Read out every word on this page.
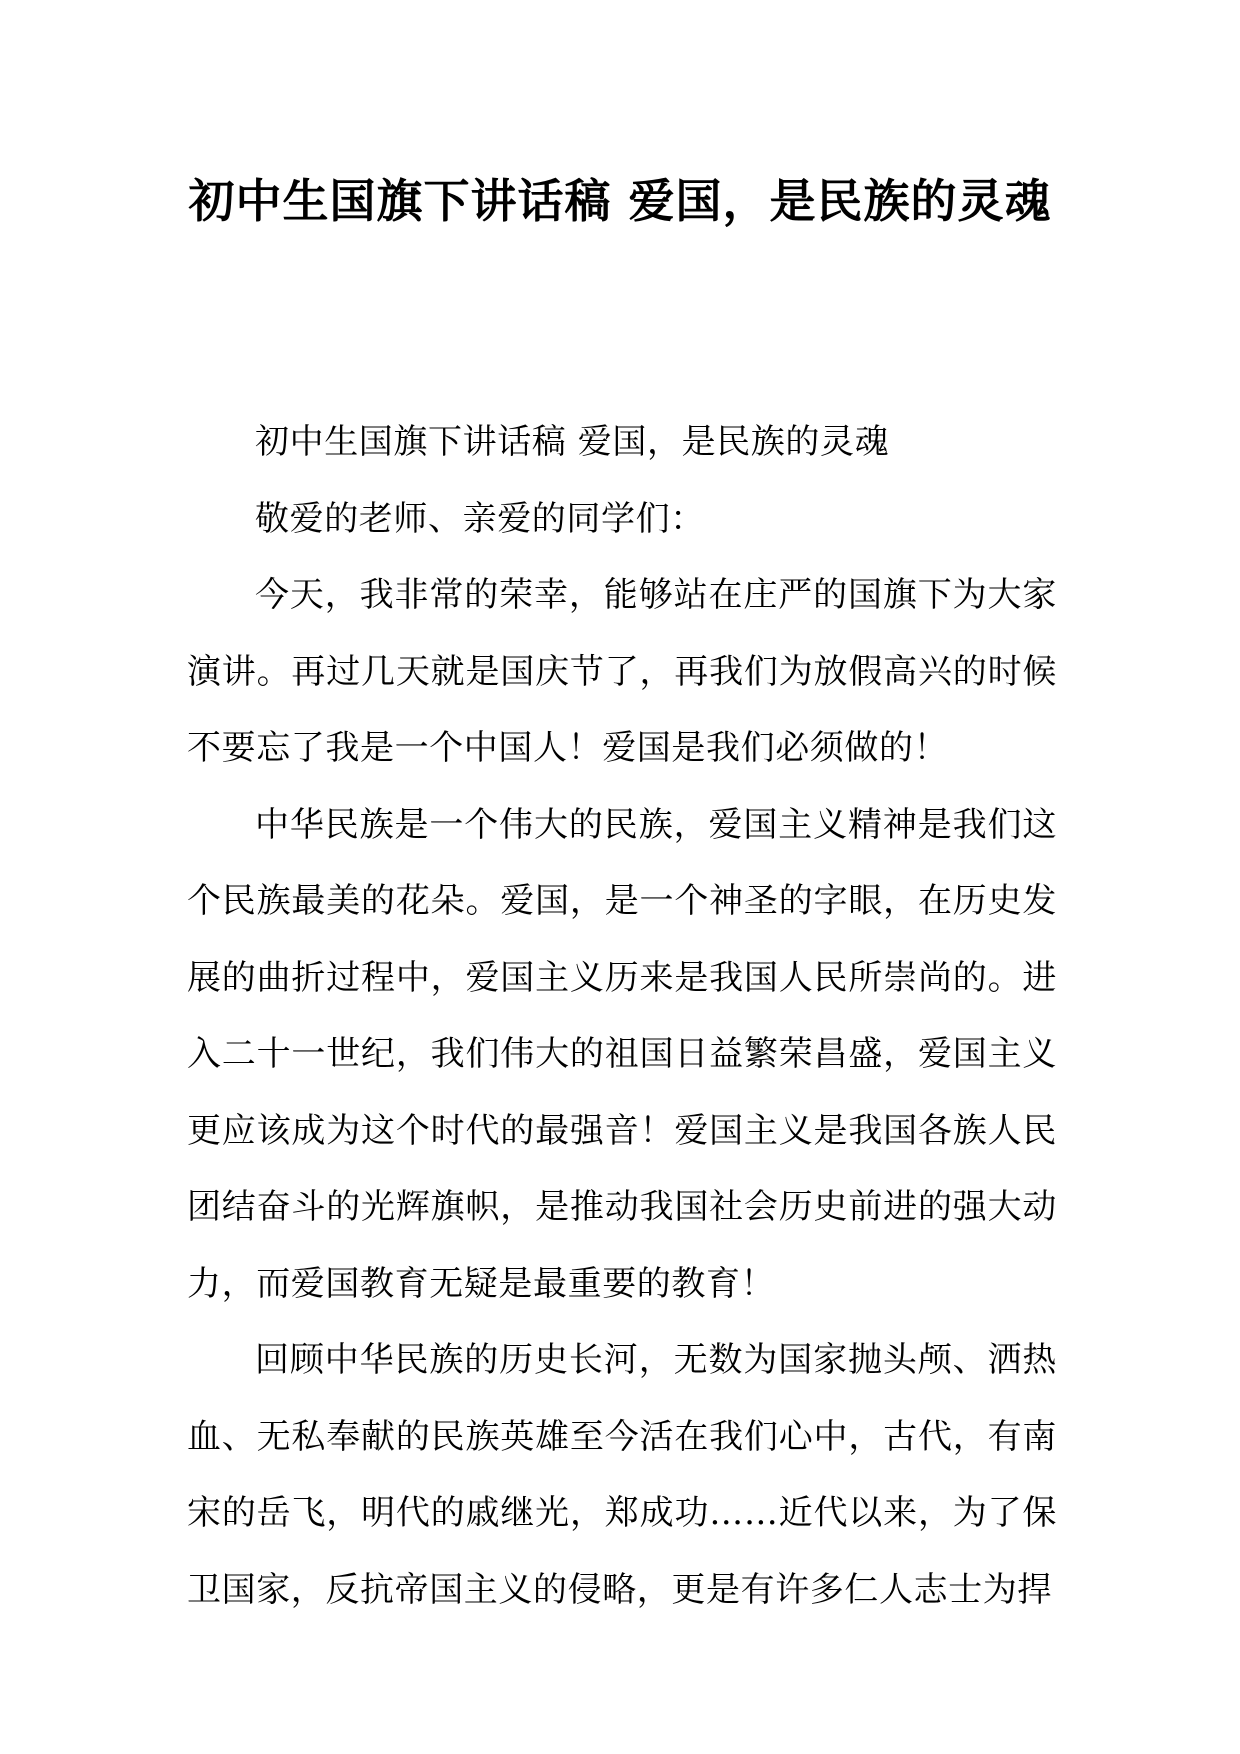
初中生国旗下讲话稿 爱国，是民族的灵魂

初中生国旗下讲话稿 爱国，是民族的灵魂

敬爱的老师、亲爱的同学们：

今天，我非常的荣幸，能够站在庄严的国旗下为大家演讲。再过几天就是国庆节了，再我们为放假高兴的时候不要忘了我是一个中国人！爱国是我们必须做的！

中华民族是一个伟大的民族，爱国主义精神是我们这个民族最美的花朵。爱国，是一个神圣的字眼，在历史发展的曲折过程中，爱国主义历来是我国人民所崇尚的。进入二十一世纪，我们伟大的祖国日益繁荣昌盛，爱国主义更应该成为这个时代的最强音！爱国主义是我国各族人民团结奋斗的光辉旗帜，是推动我国社会历史前进的强大动力，而爱国教育无疑是最重要的教育！

回顾中华民族的历史长河，无数为国家抛头颅、洒热血、无私奉献的民族英雄至今活在我们心中，古代，有南宋的岳飞，明代的戚继光，郑成功……近代以来，为了保卫国家，反抗帝国主义的侵略，更是有许多仁人志士为捍
